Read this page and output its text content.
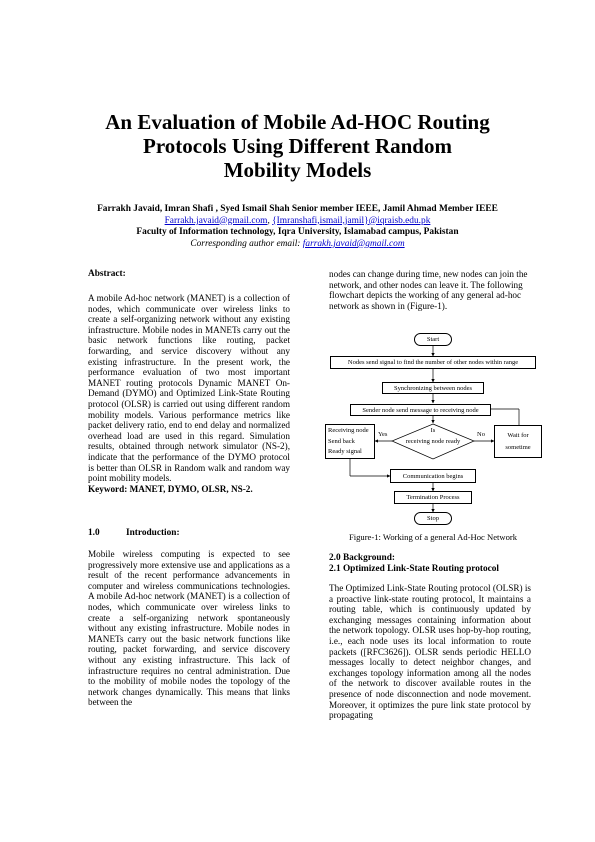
An Evaluation of Mobile Ad-HOC Routing
Protocols Using Different Random
Mobility Models
Farrakh Javaid, Imran Shafi , Syed Ismail Shah Senior member IEEE, Jamil Ahmad Member IEEE
Farrakh.javaid@gmail.com, {Imranshafi,ismail,jamil}@iqraisb.edu.pk
Faculty of Information technology, Iqra University, Islamabad campus, Pakistan
Corresponding author email: farrakh.javaid@gmail.com
Abstract:
A mobile Ad-hoc network (MANET) is a collection of nodes, which communicate over wireless links to create a self-organizing network without any existing infrastructure. Mobile nodes in MANETs carry out the basic network functions like routing, packet forwarding, and service discovery without any existing infrastructure. In the present work, the performance evaluation of two most important MANET routing protocols Dynamic MANET On-Demand (DYMO) and Optimized Link-State Routing protocol (OLSR) is carried out using different random mobility models. Various performance metrics like packet delivery ratio, end to end delay and normalized overhead load are used in this regard. Simulation results, obtained through network simulator (NS-2), indicate that the performance of the DYMO protocol is better than OLSR in Random walk and random way point mobility models.
Keyword: MANET, DYMO, OLSR, NS-2.
1.0	Introduction:
Mobile wireless computing is expected to see progressively more extensive use and applications as a result of the recent performance advancements in computer and wireless communications technologies. A mobile Ad-hoc network (MANET) is a collection of nodes, which communicate over wireless links to create a self-organizing network spontaneously without any existing infrastructure. Mobile nodes in MANETs carry out the basic network functions like routing, packet forwarding, and service discovery without any existing infrastructure. This lack of infrastructure requires no central administration. Due to the mobility of mobile nodes the topology of the network changes dynamically. This means that links between the
nodes can change during time, new nodes can join the network, and other nodes can leave it. The following flowchart depicts the working of any general ad-hoc network as shown in (Figure-1).
Start
Nodes send signal to find the number of other nodes within range
Synchronizing between nodes
Sender node send message to receiving node
Is
receiving node ready
Yes	No
Receiving node
Send back
Ready signal
Wait for
sometime
Communication begins
Termination Process
Stop
Figure-1: Working of a general Ad-Hoc Network
2.0 Background:
2.1 Optimized Link-State Routing protocol
The Optimized Link-State Routing protocol (OLSR) is a proactive link-state routing protocol, It maintains a routing table, which is continuously updated by exchanging messages containing information about the network topology. OLSR uses hop-by-hop routing, i.e., each node uses its local information to route packets ([RFC3626]). OLSR sends periodic HELLO messages locally to detect neighbor changes, and exchanges topology information among all the nodes of the network to discover available routes in the presence of node disconnection and node movement. Moreover, it optimizes the pure link state protocol by propagating
